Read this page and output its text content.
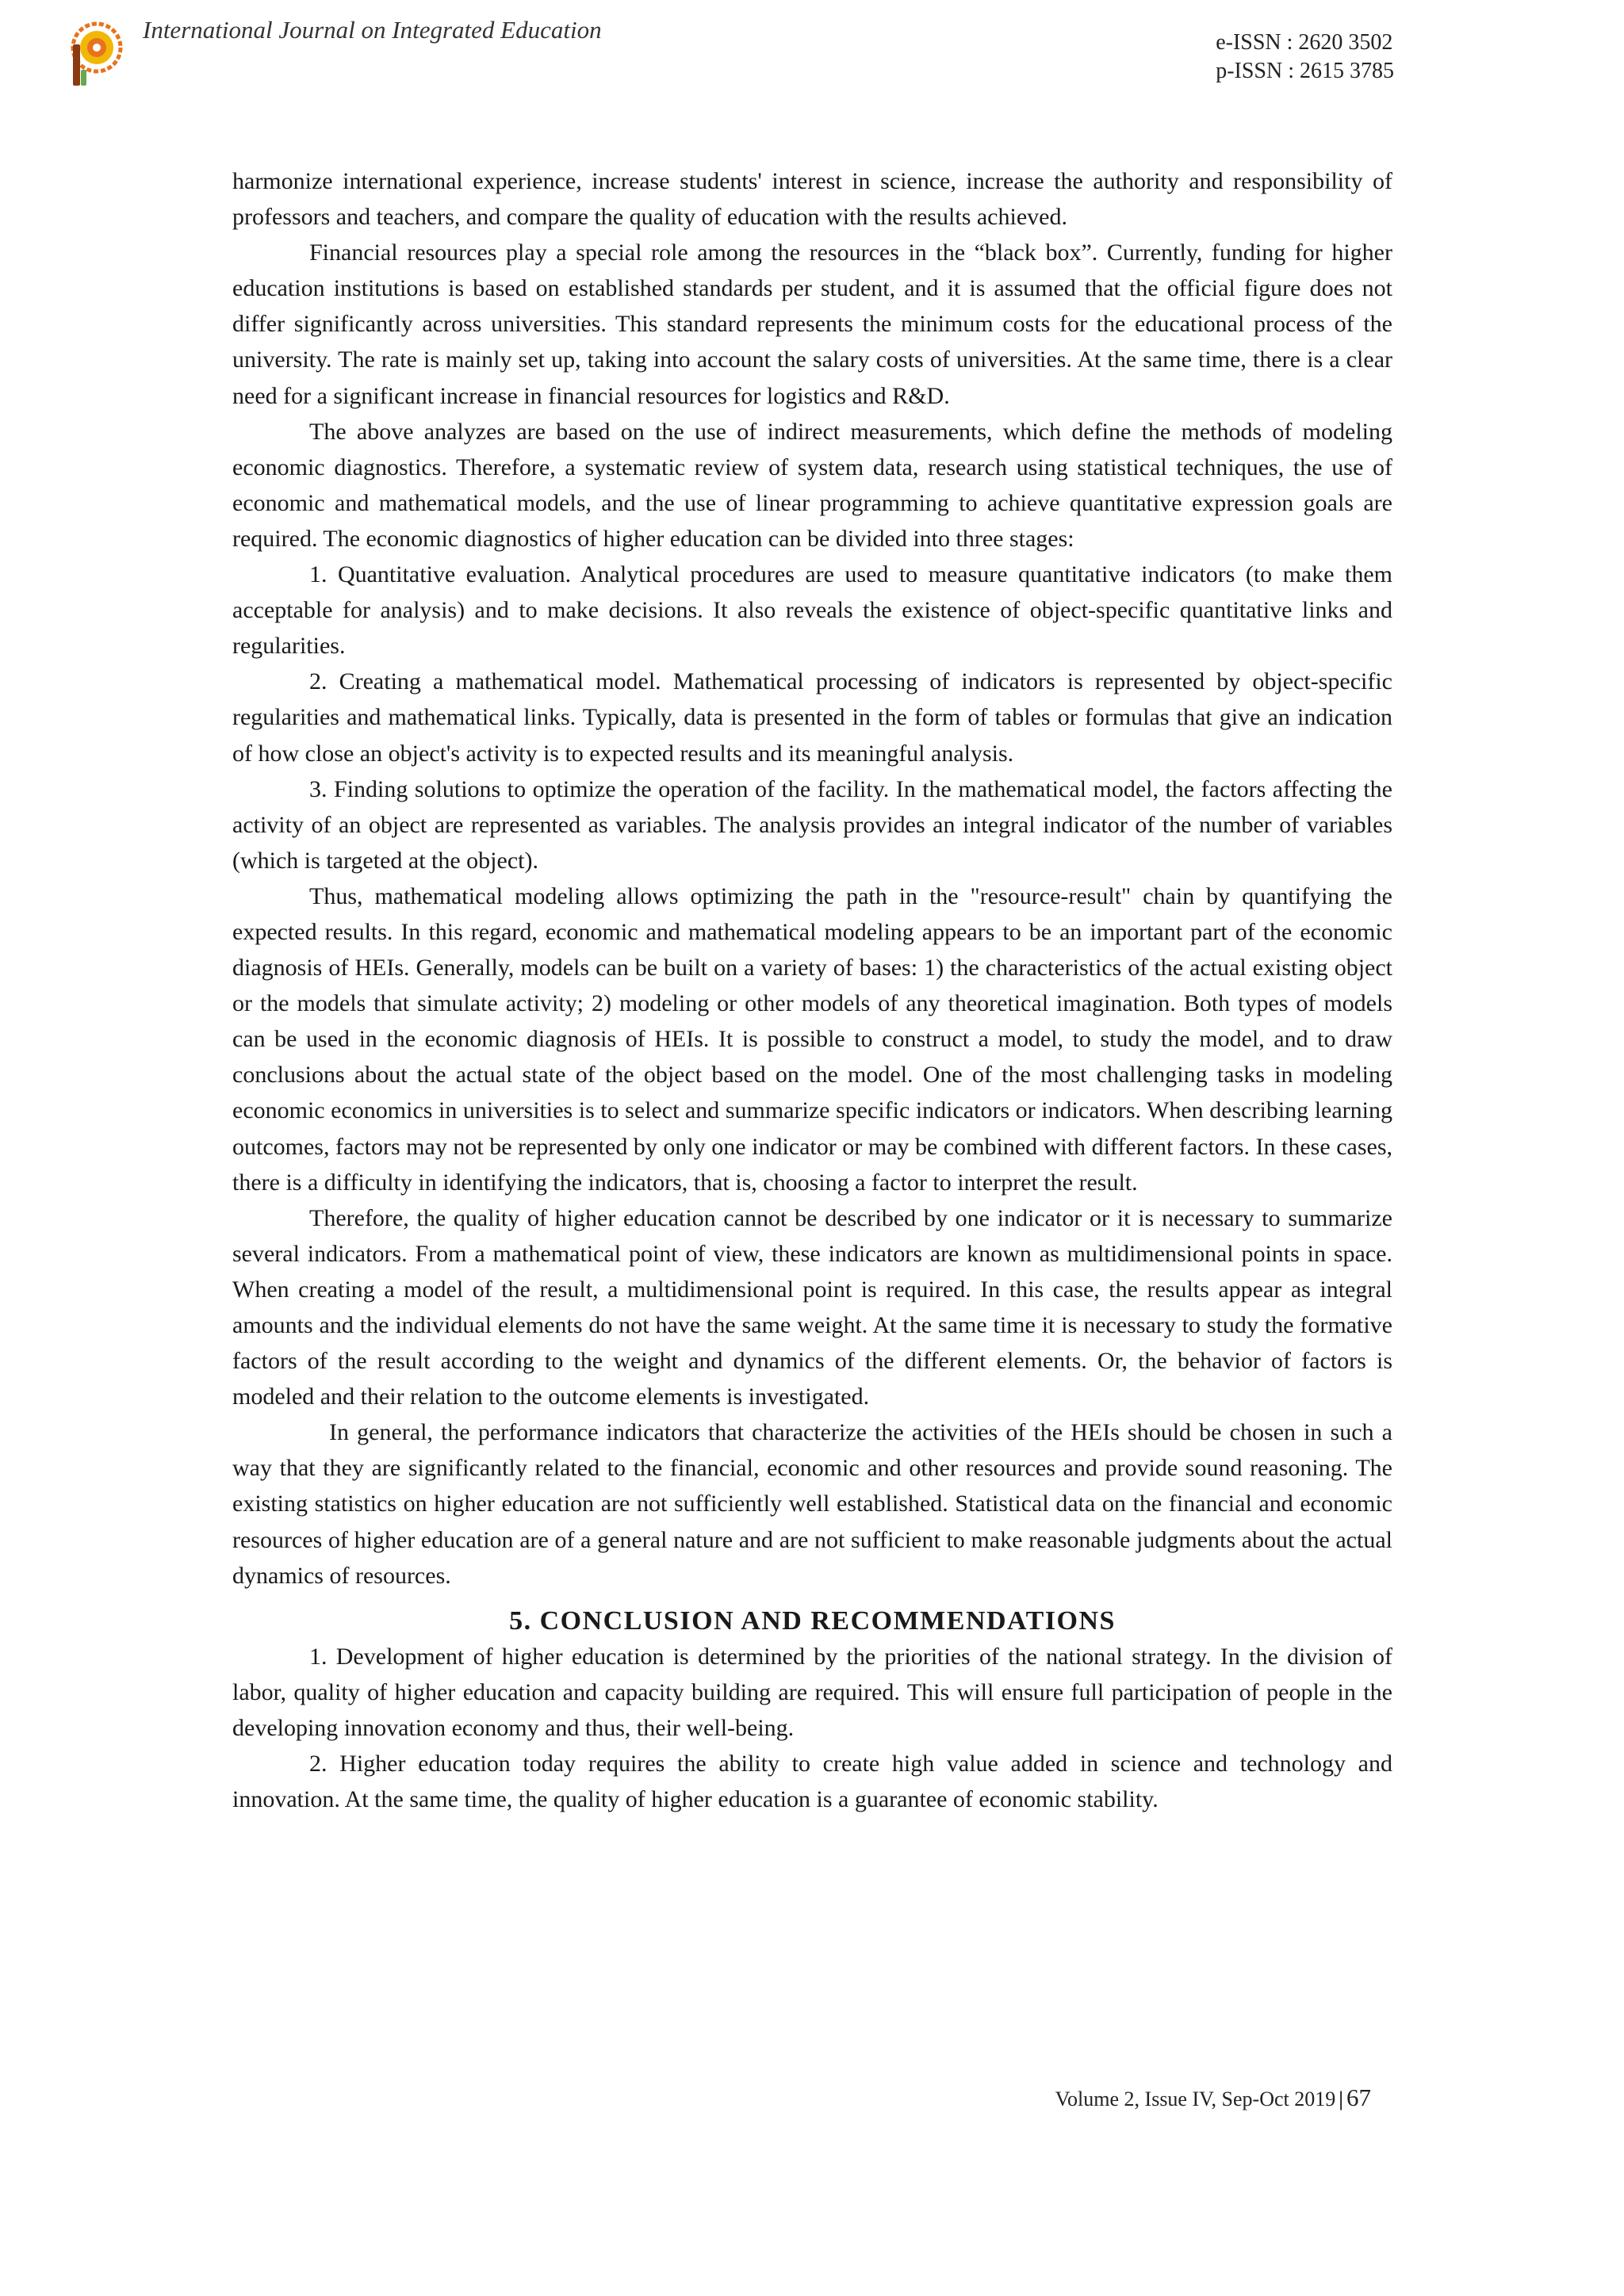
International Journal on Integrated Education	e-ISSN : 2620 3502
p-ISSN : 2615 3785

harmonize international experience, increase students' interest in science, increase the authority and responsibility of professors and teachers, and compare the quality of education with the results achieved.

Financial resources play a special role among the resources in the “black box”. Currently, funding for higher education institutions is based on established standards per student, and it is assumed that the official figure does not differ significantly across universities. This standard represents the minimum costs for the educational process of the university. The rate is mainly set up, taking into account the salary costs of universities. At the same time, there is a clear need for a significant increase in financial resources for logistics and R&D.

The above analyzes are based on the use of indirect measurements, which define the methods of modeling economic diagnostics. Therefore, a systematic review of system data, research using statistical techniques, the use of economic and mathematical models, and the use of linear programming to achieve quantitative expression goals are required. The economic diagnostics of higher education can be divided into three stages:

1. Quantitative evaluation. Analytical procedures are used to measure quantitative indicators (to make them acceptable for analysis) and to make decisions. It also reveals the existence of object-specific quantitative links and regularities.

2. Creating a mathematical model. Mathematical processing of indicators is represented by object-specific regularities and mathematical links. Typically, data is presented in the form of tables or formulas that give an indication of how close an object's activity is to expected results and its meaningful analysis.

3. Finding solutions to optimize the operation of the facility. In the mathematical model, the factors affecting the activity of an object are represented as variables. The analysis provides an integral indicator of the number of variables (which is targeted at the object).

Thus, mathematical modeling allows optimizing the path in the "resource-result" chain by quantifying the expected results. In this regard, economic and mathematical modeling appears to be an important part of the economic diagnosis of HEIs. Generally, models can be built on a variety of bases: 1) the characteristics of the actual existing object or the models that simulate activity; 2) modeling or other models of any theoretical imagination. Both types of models can be used in the economic diagnosis of HEIs. It is possible to construct a model, to study the model, and to draw conclusions about the actual state of the object based on the model. One of the most challenging tasks in modeling economic economics in universities is to select and summarize specific indicators or indicators. When describing learning outcomes, factors may not be represented by only one indicator or may be combined with different factors. In these cases, there is a difficulty in identifying the indicators, that is, choosing a factor to interpret the result.

Therefore, the quality of higher education cannot be described by one indicator or it is necessary to summarize several indicators. From a mathematical point of view, these indicators are known as multidimensional points in space. When creating a model of the result, a multidimensional point is required. In this case, the results appear as integral amounts and the individual elements do not have the same weight. At the same time it is necessary to study the formative factors of the result according to the weight and dynamics of the different elements. Or, the behavior of factors is modeled and their relation to the outcome elements is investigated.

In general, the performance indicators that characterize the activities of the HEIs should be chosen in such a way that they are significantly related to the financial, economic and other resources and provide sound reasoning. The existing statistics on higher education are not sufficiently well established. Statistical data on the financial and economic resources of higher education are of a general nature and are not sufficient to make reasonable judgments about the actual dynamics of resources.

5. CONCLUSION AND RECOMMENDATIONS

1. Development of higher education is determined by the priorities of the national strategy. In the division of labor, quality of higher education and capacity building are required. This will ensure full participation of people in the developing innovation economy and thus, their well-being.

2. Higher education today requires the ability to create high value added in science and technology and innovation. At the same time, the quality of higher education is a guarantee of economic stability.

Volume 2, Issue IV, Sep-Oct 2019 | 67
